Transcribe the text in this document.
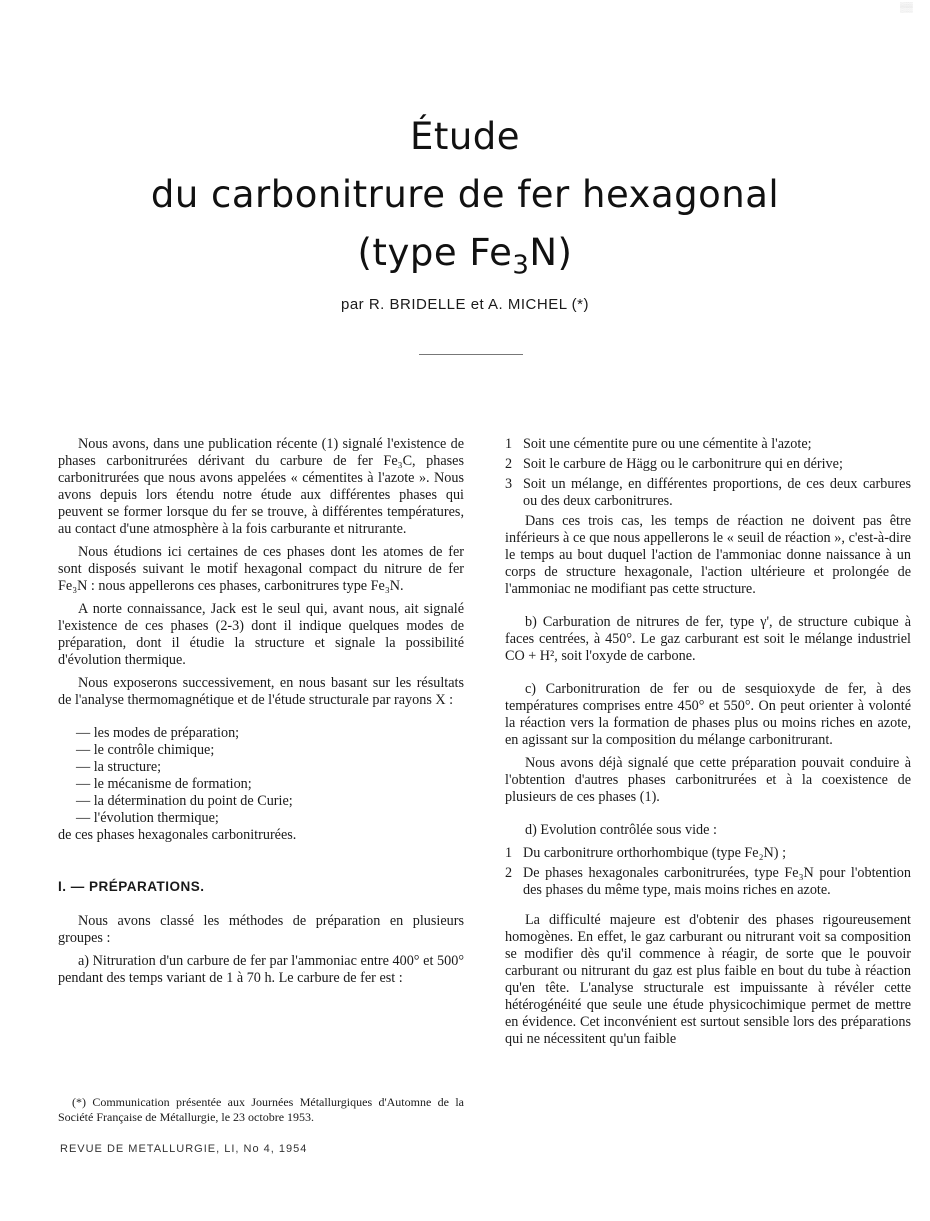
▒▒
Étude
du carbonitrure de fer hexagonal
(type $Fe_3N$)
par R. BRIDELLE et A. MICHEL (*)

Nous avons, dans une publication récente (1) signalé l'existence de phases carbonitrurées dérivant du carbure de fer Fe₃C, phases carbonitrurées que nous avons appelées « cémentites à l'azote ». Nous avons depuis lors étendu notre étude aux différentes phases qui peuvent se former lorsque du fer se trouve, à différentes températures, au contact d'une atmosphère à la fois carburante et nitrurante.

Nous étudions ici certaines de ces phases dont les atomes de fer sont disposés suivant le motif hexagonal compact du nitrure de fer Fe₃N : nous appellerons ces phases, carbonitrures type Fe₃N.

A norte connaissance, Jack est le seul qui, avant nous, ait signalé l'existence de ces phases (2-3) dont il indique quelques modes de préparation, dont il étudie la structure et signale la possibilité d'évolution thermique.

Nous exposerons successivement, en nous basant sur les résultats de l'analyse thermomagnétique et de l'étude structurale par rayons X :

— les modes de préparation;
— le contrôle chimique;
— la structure;
— le mécanisme de formation;
— la détermination du point de Curie;
— l'évolution thermique;

de ces phases hexagonales carbonitrurées.

I. — PRÉPARATIONS.

Nous avons classé les méthodes de préparation en plusieurs groupes :

a) Nitruration d'un carbure de fer par l'ammoniac entre 400° et 500° pendant des temps variant de 1 à 70 h. Le carbure de fer est :

(*) Communication présentée aux Journées Métallurgiques d'Automne de la Société Française de Métallurgie, le 23 octobre 1953.

REVUE DE METALLURGIE, LI, No 4, 1954
1 Soit une cémentite pure ou une cémentite à l'azote;
2 Soit le carbure de Hägg ou le carbonitrure qui en dérive;
3 Soit un mélange, en différentes proportions, de ces deux carbures ou des deux carbonitrures.

Dans ces trois cas, les temps de réaction ne doivent pas être inférieurs à ce que nous appellerons le « seuil de réaction », c'est-à-dire le temps au bout duquel l'action de l'ammoniac donne naissance à un corps de structure hexagonale, l'action ultérieure et prolongée de l'ammoniac ne modifiant pas cette structure.

b) Carburation de nitrures de fer, type γ', de structure cubique à faces centrées, à 450°. Le gaz carburant est soit le mélange industriel CO + H², soit l'oxyde de carbone.

c) Carbonitruration de fer ou de sesquioxyde de fer, à des températures comprises entre 450° et 550°. On peut orienter à volonté la réaction vers la formation de phases plus ou moins riches en azote, en agissant sur la composition du mélange carbonitrurant.

Nous avons déjà signalé que cette préparation pouvait conduire à l'obtention d'autres phases carbonitrurées et à la coexistence de plusieurs de ces phases (1).

d) Evolution contrôlée sous vide :

1 Du carbonitrure orthorhombique (type Fe₂N) ;
2 De phases hexagonales carbonitrurées, type Fe₃N pour l'obtention des phases du même type, mais moins riches en azote.

La difficulté majeure est d'obtenir des phases rigoureusement homogènes. En effet, le gaz carburant ou nitrurant voit sa composition se modifier dès qu'il commence à réagir, de sorte que le pouvoir carburant ou nitrurant du gaz est plus faible en bout du tube à réaction qu'en tête. L'analyse structurale est impuissante à révéler cette hétérogénéité que seule une étude physicochimique permet de mettre en évidence. Cet inconvénient est surtout sensible lors des préparations qui ne nécessitent qu'un faible
